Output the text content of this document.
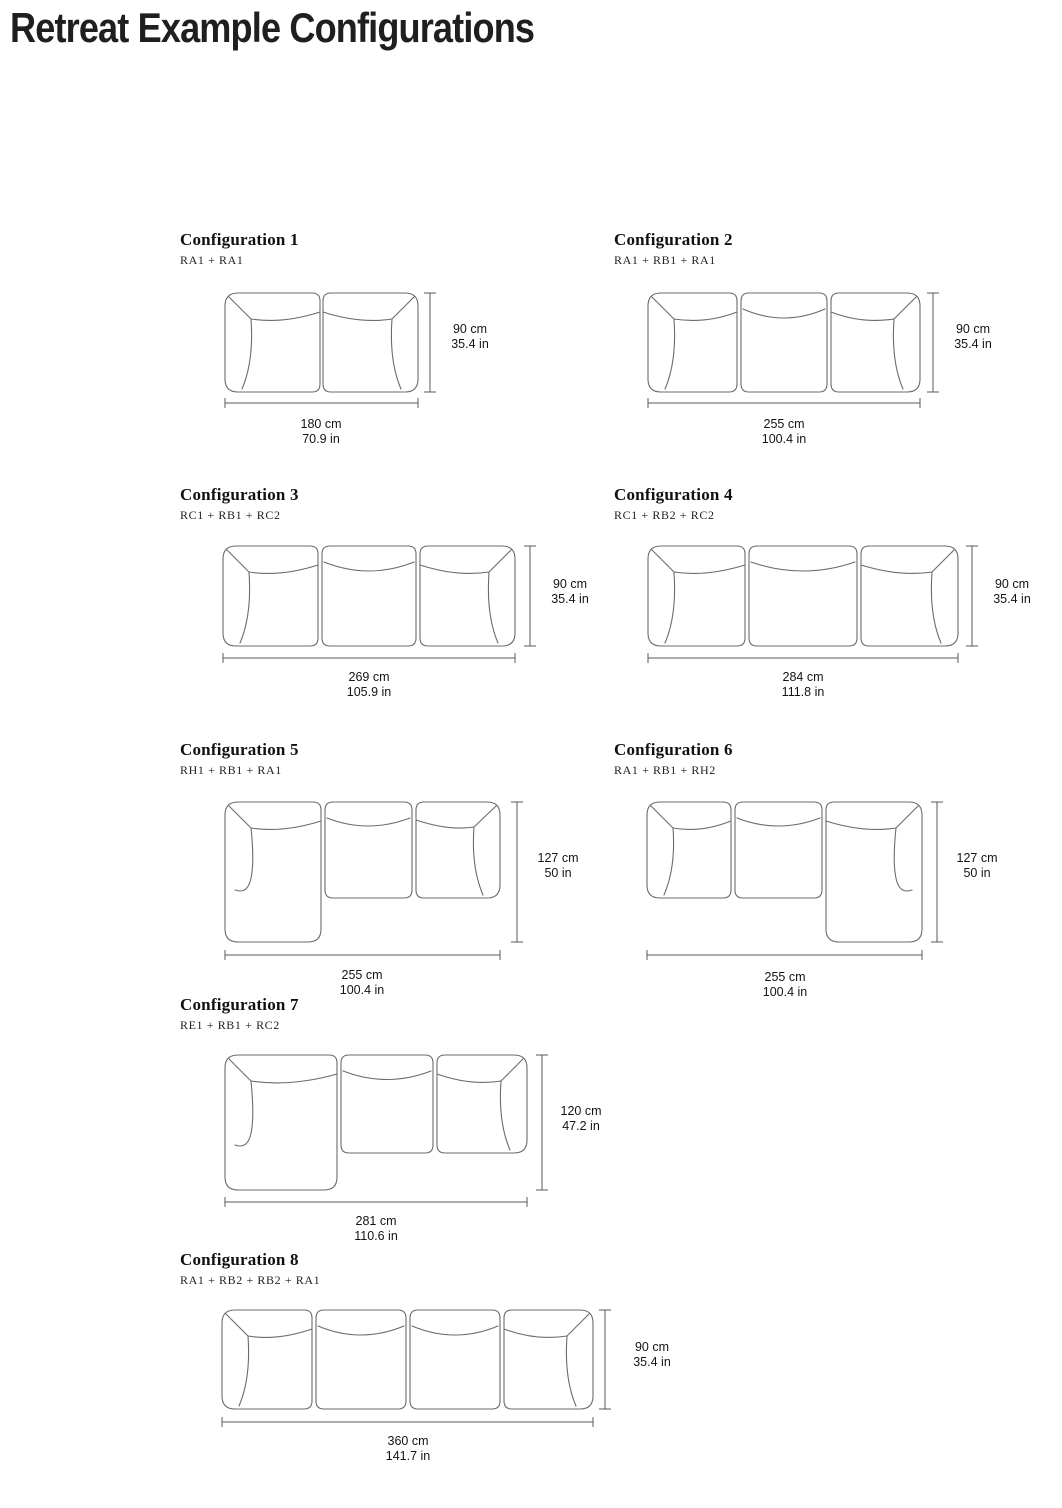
Retreat Example Configurations
Configuration 1
RA1 + RA1
90 cm
35.4 in
180 cm
70.9 in
Configuration 2
RA1 + RB1 + RA1
90 cm
35.4 in
255 cm
100.4 in
Configuration 3
RC1 + RB1 + RC2
90 cm
35.4 in
269 cm
105.9 in
Configuration 4
RC1 + RB2 + RC2
90 cm
35.4 in
284 cm
111.8 in
Configuration 5
RH1 + RB1 + RA1
127 cm
50 in
255 cm
100.4 in
Configuration 6
RA1 + RB1 + RH2
127 cm
50 in
255 cm
100.4 in
Configuration 7
RE1 + RB1 + RC2
120 cm
47.2 in
281 cm
110.6 in
Configuration 8
RA1 + RB2 + RB2 + RA1
90 cm
35.4 in
360 cm
141.7 in
